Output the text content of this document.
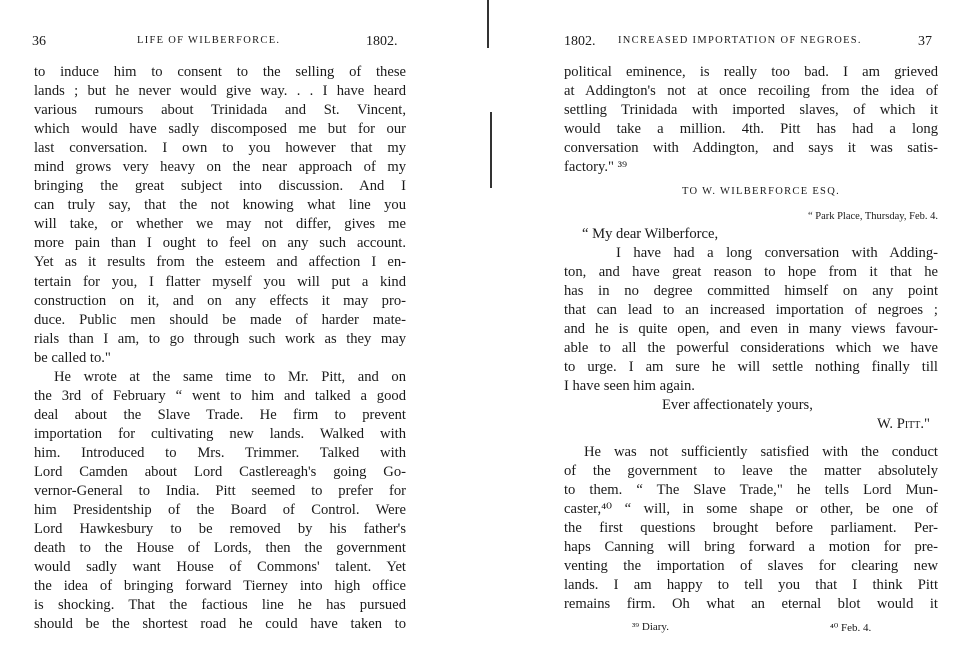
36	LIFE OF WILBERFORCE.	1802.
to induce him to consent to the selling of these
lands ; but he never would give way. . . I have heard
various rumours about Trinidada and St. Vincent,
which would have sadly discomposed me but for our
last conversation. I own to you however that my
mind grows very heavy on the near approach of my
bringing the great subject into discussion. And I
can truly say, that the not knowing what line you
will take, or whether we may not differ, gives me
more pain than I ought to feel on any such account.
Yet as it results from the esteem and affection I en-
tertain for you, I flatter myself you will put a kind
construction on it, and on any effects it may pro-
duce. Public men should be made of harder mate-
rials than I am, to go through such work as they may
be called to."
He wrote at the same time to Mr. Pitt, and on
the 3rd of February “ went to him and talked a good
deal about the Slave Trade. He firm to prevent
importation for cultivating new lands. Walked with
him. Introduced to Mrs. Trimmer. Talked with
Lord Camden about Lord Castlereagh's going Go-
vernor-General to India. Pitt seemed to prefer for
him Presidentship of the Board of Control. Were
Lord Hawkesbury to be removed by his father's
death to the House of Lords, then the government
would sadly want House of Commons' talent. Yet
the idea of bringing forward Tierney into high office
is shocking. That the factious line he has pursued
should be the shortest road he could have taken to
1802. INCREASED IMPORTATION OF NEGROES.	37
political eminence, is really too bad. I am grieved
at Addington's not at once recoiling from the idea of
settling Trinidada with imported slaves, of which it
would take a million. 4th. Pitt has had a long
conversation with Addington, and says it was satis-
factory." ³⁹
TO W. WILBERFORCE ESQ.
“ Park Place, Thursday, Feb. 4.
“ My dear Wilberforce,
I have had a long conversation with Adding-
ton, and have great reason to hope from it that he
has in no degree committed himself on any point
that can lead to an increased importation of negroes ;
and he is quite open, and even in many views favour-
able to all the powerful considerations which we have
to urge. I am sure he will settle nothing finally till
I have seen him again.
Ever affectionately yours,
W. Pitt."
He was not sufficiently satisfied with the conduct
of the government to leave the matter absolutely
to them. “ The Slave Trade," he tells Lord Mun-
caster,⁴⁰ “ will, in some shape or other, be one of
the first questions brought before parliament. Per-
haps Canning will bring forward a motion for pre-
venting the importation of slaves for clearing new
lands. I am happy to tell you that I think Pitt
remains firm. Oh what an eternal blot would it
³⁹ Diary.	⁴⁰ Feb. 4.
